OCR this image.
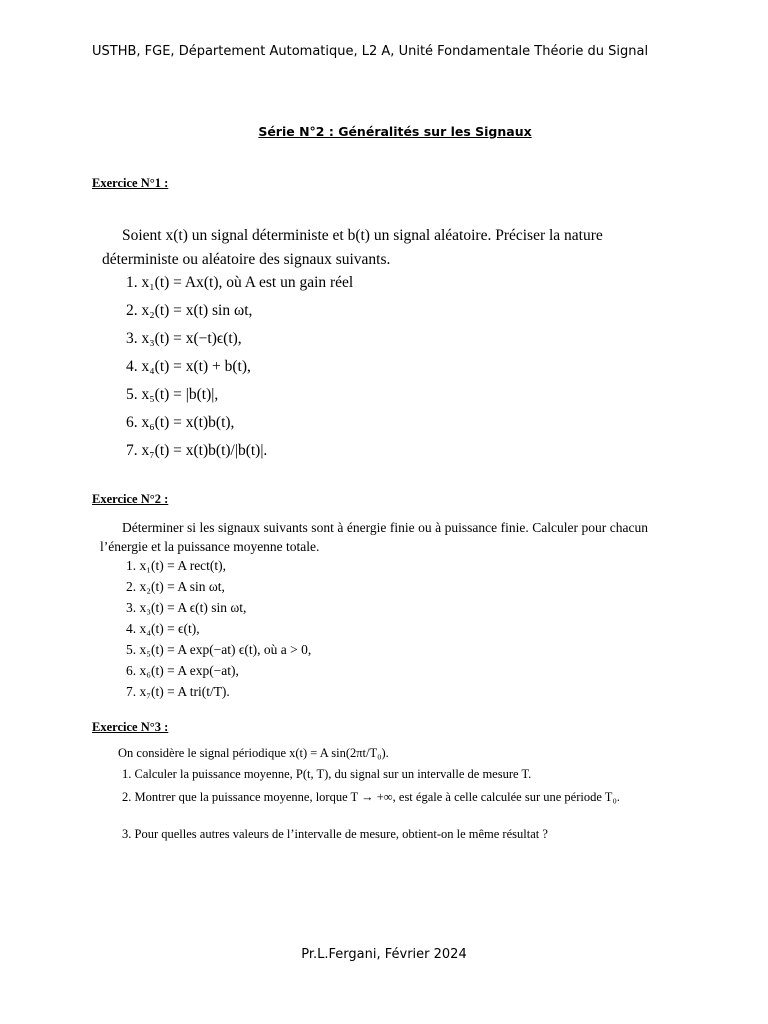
USTHB, FGE, Département Automatique, L2 A, Unité Fondamentale Théorie du Signal
Série N°2 : Généralités sur les Signaux
Exercice N°1 :
Soient x(t) un signal déterministe et b(t) un signal aléatoire. Préciser la nature déterministe ou aléatoire des signaux suivants.
1. x₁(t) = Ax(t), où A est un gain réel
2. x₂(t) = x(t) sin ωt,
3. x₃(t) = x(−t)ϵ(t),
4. x₄(t) = x(t) + b(t),
5. x₅(t) = |b(t)|,
6. x₆(t) = x(t)b(t),
7. x₇(t) = x(t)b(t)/|b(t)|.
Exercice N°2 :
Déterminer si les signaux suivants sont à énergie finie ou à puissance finie. Calculer pour chacun l’énergie et la puissance moyenne totale.
1. x₁(t) = A rect(t),
2. x₂(t) = A sin ωt,
3. x₃(t) = A ϵ(t) sin ωt,
4. x₄(t) = ϵ(t),
5. x₅(t) = A exp(−at) ϵ(t), où a > 0,
6. x₆(t) = A exp(−at),
7. x₇(t) = A tri(t/T).
Exercice N°3 :
On considère le signal périodique x(t) = A sin(2πt/T₀).
1. Calculer la puissance moyenne, P(t, T), du signal sur un intervalle de mesure T.
2. Montrer que la puissance moyenne, lorque T → +∞, est égale à celle calculée sur une période T₀.
3. Pour quelles autres valeurs de l’intervalle de mesure, obtient-on le même résultat ?
Pr.L.Fergani, Février 2024
